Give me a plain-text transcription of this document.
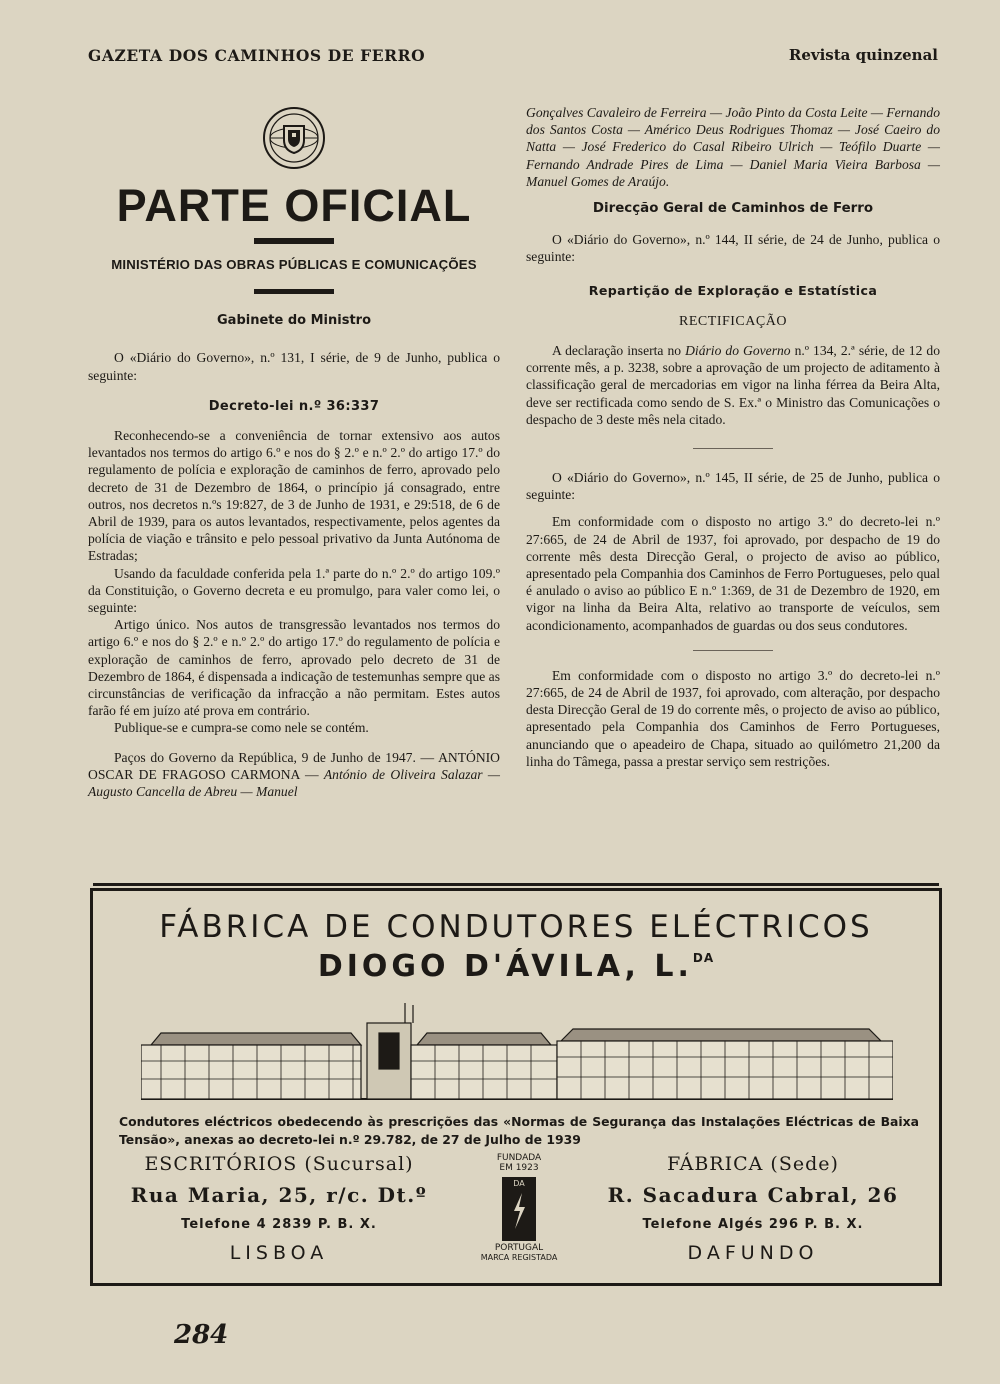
GAZETA DOS CAMINHOS DE FERRO	Revista quinzenal
PARTE OFICIAL
MINISTÉRIO DAS OBRAS PÚBLICAS E COMUNICAÇÕES
Gabinete do Ministro

O «Diário do Governo», n.º 131, I série, de 9 de Junho, publica o seguinte:

Decreto-lei n.º 36:337

Reconhecendo-se a conveniência de tornar extensivo aos autos levantados nos termos do artigo 6.º e nos do § 2.º e n.º 2.º do artigo 17.º do regulamento de polícia e exploração de caminhos de ferro, aprovado pelo decreto de 31 de Dezembro de 1864, o princípio já consagrado, entre outros, nos decretos n.ºs 19:827, de 3 de Junho de 1931, e 29:518, de 6 de Abril de 1939, para os autos levantados, respectivamente, pelos agentes da polícia de viação e trânsito e pelo pessoal privativo da Junta Autónoma de Estradas;

Usando da faculdade conferida pela 1.ª parte do n.º 2.º do artigo 109.º da Constituição, o Governo decreta e eu promulgo, para valer como lei, o seguinte:

Artigo único. Nos autos de transgressão levantados nos termos do artigo 6.º e nos do § 2.º e n.º 2.º do artigo 17.º do regulamento de polícia e exploração de caminhos de ferro, aprovado pelo decreto de 31 de Dezembro de 1864, é dispensada a indicação de testemunhas sempre que as circunstâncias de verificação da infracção a não permitam. Estes autos farão fé em juízo até prova em contrário.

Publique-se e cumpra-se como nele se contém.

Paços do Governo da República, 9 de Junho de 1947. — ANTÓNIO OSCAR DE FRAGOSO CARMONA — António de Oliveira Salazar — Augusto Cancella de Abreu — Manuel

Gonçalves Cavaleiro de Ferreira — João Pinto da Costa Leite — Fernando dos Santos Costa — Américo Deus Rodrigues Thomaz — José Caeiro do Natta — José Frederico do Casal Ribeiro Ulrich — Teófilo Duarte — Fernando Andrade Pires de Lima — Daniel Maria Vieira Barbosa — Manuel Gomes de Araújo.

Direcção Geral de Caminhos de Ferro

O «Diário do Governo», n.º 144, II série, de 24 de Junho, publica o seguinte:

Repartição de Exploração e Estatística
RECTIFICAÇÃO

A declaração inserta no Diário do Governo n.º 134, 2.ª série, de 12 do corrente mês, a p. 3238, sobre a aprovação de um projecto de aditamento à classificação geral de mercadorias em vigor na linha férrea da Beira Alta, deve ser rectificada como sendo de S. Ex.ª o Ministro das Comunicações o despacho de 3 deste mês nela citado.

O «Diário do Governo», n.º 145, II série, de 25 de Junho, publica o seguinte:

Em conformidade com o disposto no artigo 3.º do decreto-lei n.º 27:665, de 24 de Abril de 1937, foi aprovado, por despacho de 19 do corrente mês desta Direcção Geral, o projecto de aviso ao público, apresentado pela Companhia dos Caminhos de Ferro Portugueses, pelo qual é anulado o aviso ao público E n.º 1:369, de 31 de Dezembro de 1920, em vigor na linha da Beira Alta, relativo ao transporte de veículos, sem acondicionamento, acompanhados de guardas ou dos seus condutores.

Em conformidade com o disposto no artigo 3.º do decreto-lei n.º 27:665, de 24 de Abril de 1937, foi aprovado, com alteração, por despacho desta Direcção Geral de 19 do corrente mês, o projecto de aviso ao público, apresentado pela Companhia dos Caminhos de Ferro Portugueses, anunciando que o apeadeiro de Chapa, situado ao quilómetro 21,200 da linha do Tâmega, passa a prestar serviço sem restrições.

FÁBRICA DE CONDUTORES ELÉCTRICOS
DIOGO D'ÁVILA, L.$^{DA}$
Condutores eléctricos obedecendo às prescrições das «Normas de Segurança das Instalações Eléctricas de Baixa Tensão», anexas ao decreto-lei n.º 29.782, de 27 de Julho de 1939
ESCRITÓRIOS (Sucursal)
Rua Maria, 25, r/c. Dt.º
Telefone 4 2839 P. B. X.
LISBOA
FUNDADA
EM 1923
DA
PORTUGAL
MARCA REGISTADA
FÁBRICA (Sede)
R. Sacadura Cabral, 26
Telefone Algés 296 P. B. X.
DAFUNDO
284
